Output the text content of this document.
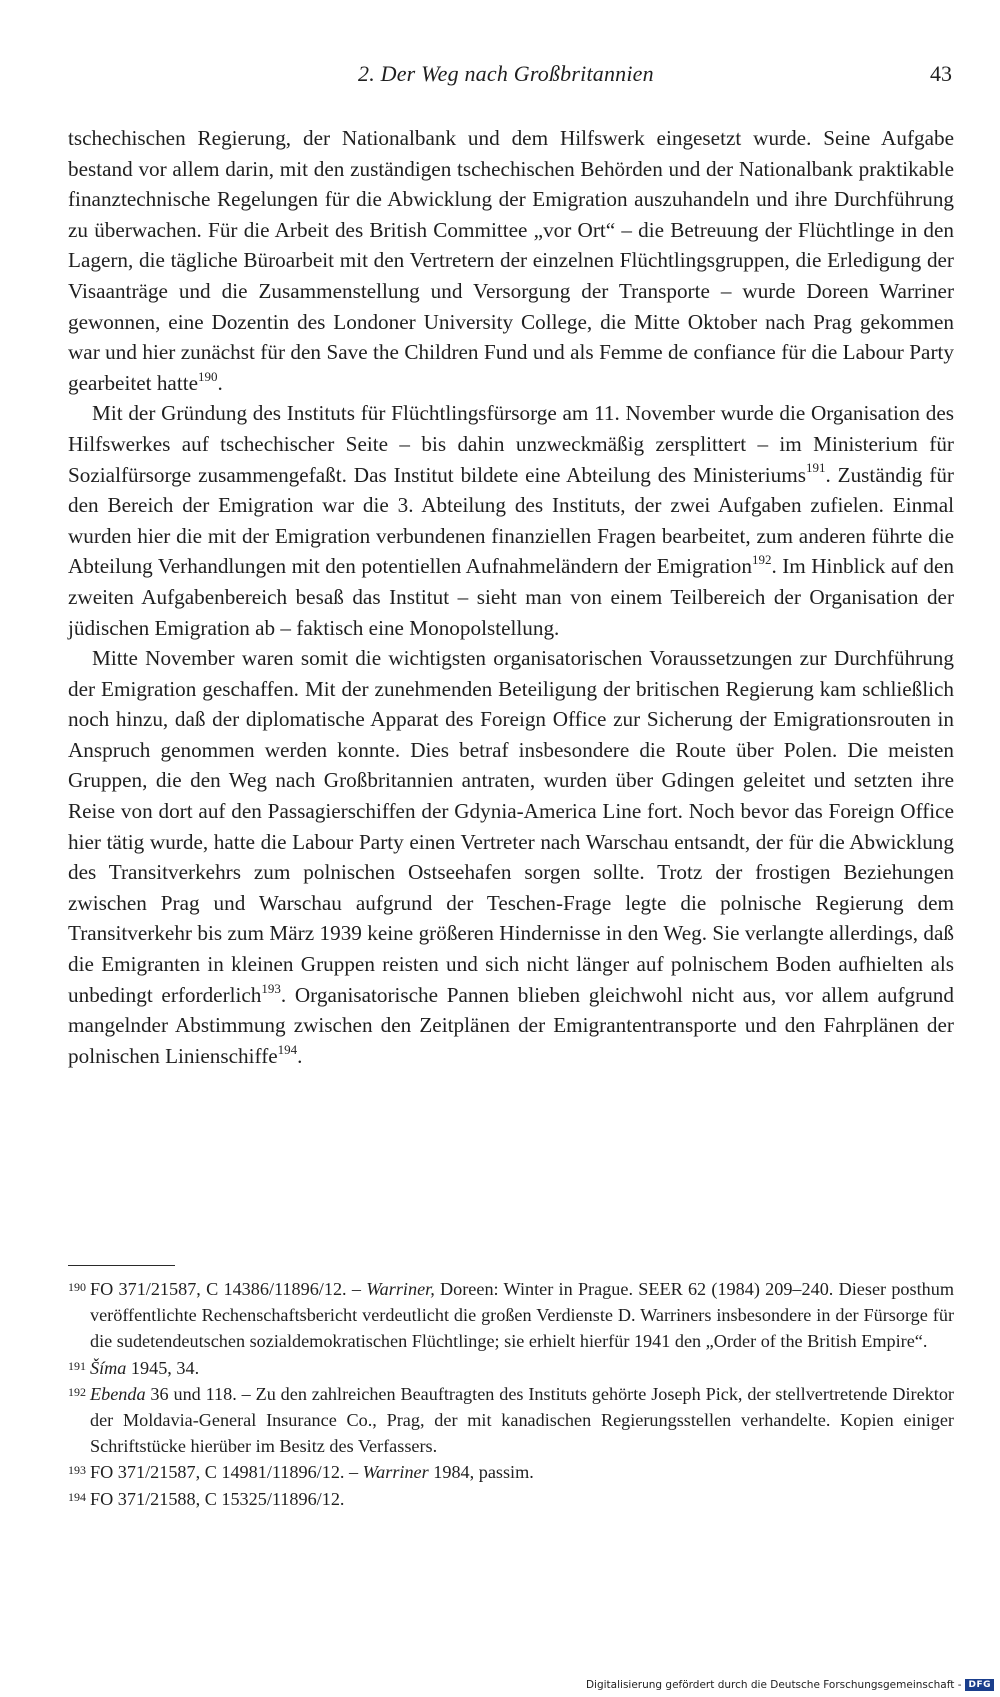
2. Der Weg nach Großbritannien	43

tschechischen Regierung, der Nationalbank und dem Hilfswerk eingesetzt wurde. Seine Aufgabe bestand vor allem darin, mit den zuständigen tschechischen Behörden und der Nationalbank praktikable finanztechnische Regelungen für die Abwicklung der Emigration auszuhandeln und ihre Durchführung zu überwachen. Für die Arbeit des British Committee „vor Ort“ – die Betreuung der Flüchtlinge in den Lagern, die tägliche Büroarbeit mit den Vertretern der einzelnen Flüchtlingsgruppen, die Erledigung der Visaanträge und die Zusammenstellung und Versorgung der Transporte – wurde Doreen Warriner gewonnen, eine Dozentin des Londoner University College, die Mitte Oktober nach Prag gekommen war und hier zunächst für den Save the Children Fund und als Femme de confiance für die Labour Party gearbeitet hatte$^{190}$.

Mit der Gründung des Instituts für Flüchtlingsfürsorge am 11. November wurde die Organisation des Hilfswerkes auf tschechischer Seite – bis dahin unzweckmäßig zersplittert – im Ministerium für Sozialfürsorge zusammengefaßt. Das Institut bildete eine Abteilung des Ministeriums$^{191}$. Zuständig für den Bereich der Emigration war die 3. Abteilung des Instituts, der zwei Aufgaben zufielen. Einmal wurden hier die mit der Emigration verbundenen finanziellen Fragen bearbeitet, zum anderen führte die Abteilung Verhandlungen mit den potentiellen Aufnahmeländern der Emigration$^{192}$. Im Hinblick auf den zweiten Aufgabenbereich besaß das Institut – sieht man von einem Teilbereich der Organisation der jüdischen Emigration ab – faktisch eine Monopolstellung.

Mitte November waren somit die wichtigsten organisatorischen Voraussetzungen zur Durchführung der Emigration geschaffen. Mit der zunehmenden Beteiligung der britischen Regierung kam schließlich noch hinzu, daß der diplomatische Apparat des Foreign Office zur Sicherung der Emigrationsrouten in Anspruch genommen werden konnte. Dies betraf insbesondere die Route über Polen. Die meisten Gruppen, die den Weg nach Großbritannien antraten, wurden über Gdingen geleitet und setzten ihre Reise von dort auf den Passagierschiffen der Gdynia-America Line fort. Noch bevor das Foreign Office hier tätig wurde, hatte die Labour Party einen Vertreter nach Warschau entsandt, der für die Abwicklung des Transitverkehrs zum polnischen Ostseehafen sorgen sollte. Trotz der frostigen Beziehungen zwischen Prag und Warschau aufgrund der Teschen-Frage legte die polnische Regierung dem Transitverkehr bis zum März 1939 keine größeren Hindernisse in den Weg. Sie verlangte allerdings, daß die Emigranten in kleinen Gruppen reisten und sich nicht länger auf polnischem Boden aufhielten als unbedingt erforderlich$^{193}$. Organisatorische Pannen blieben gleichwohl nicht aus, vor allem aufgrund mangelnder Abstimmung zwischen den Zeitplänen der Emigrantentransporte und den Fahrplänen der polnischen Linienschiffe$^{194}$.

190 FO 371/21587, C 14386/11896/12. – Warriner, Doreen: Winter in Prague. SEER 62 (1984) 209–240. Dieser posthum veröffentlichte Rechenschaftsbericht verdeutlicht die großen Verdienste D. Warriners insbesondere in der Fürsorge für die sudetendeutschen sozialdemokratischen Flüchtlinge; sie erhielt hierfür 1941 den „Order of the British Empire“.
191 Šíma 1945, 34.
192 Ebenda 36 und 118. – Zu den zahlreichen Beauftragten des Instituts gehörte Joseph Pick, der stellvertretende Direktor der Moldavia-General Insurance Co., Prag, der mit kanadischen Regierungsstellen verhandelte. Kopien einiger Schriftstücke hierüber im Besitz des Verfassers.
193 FO 371/21587, C 14981/11896/12. – Warriner 1984, passim.
194 FO 371/21588, C 15325/11896/12.
Digitalisierung gefördert durch die Deutsche Forschungsgemeinschaft - DFG
